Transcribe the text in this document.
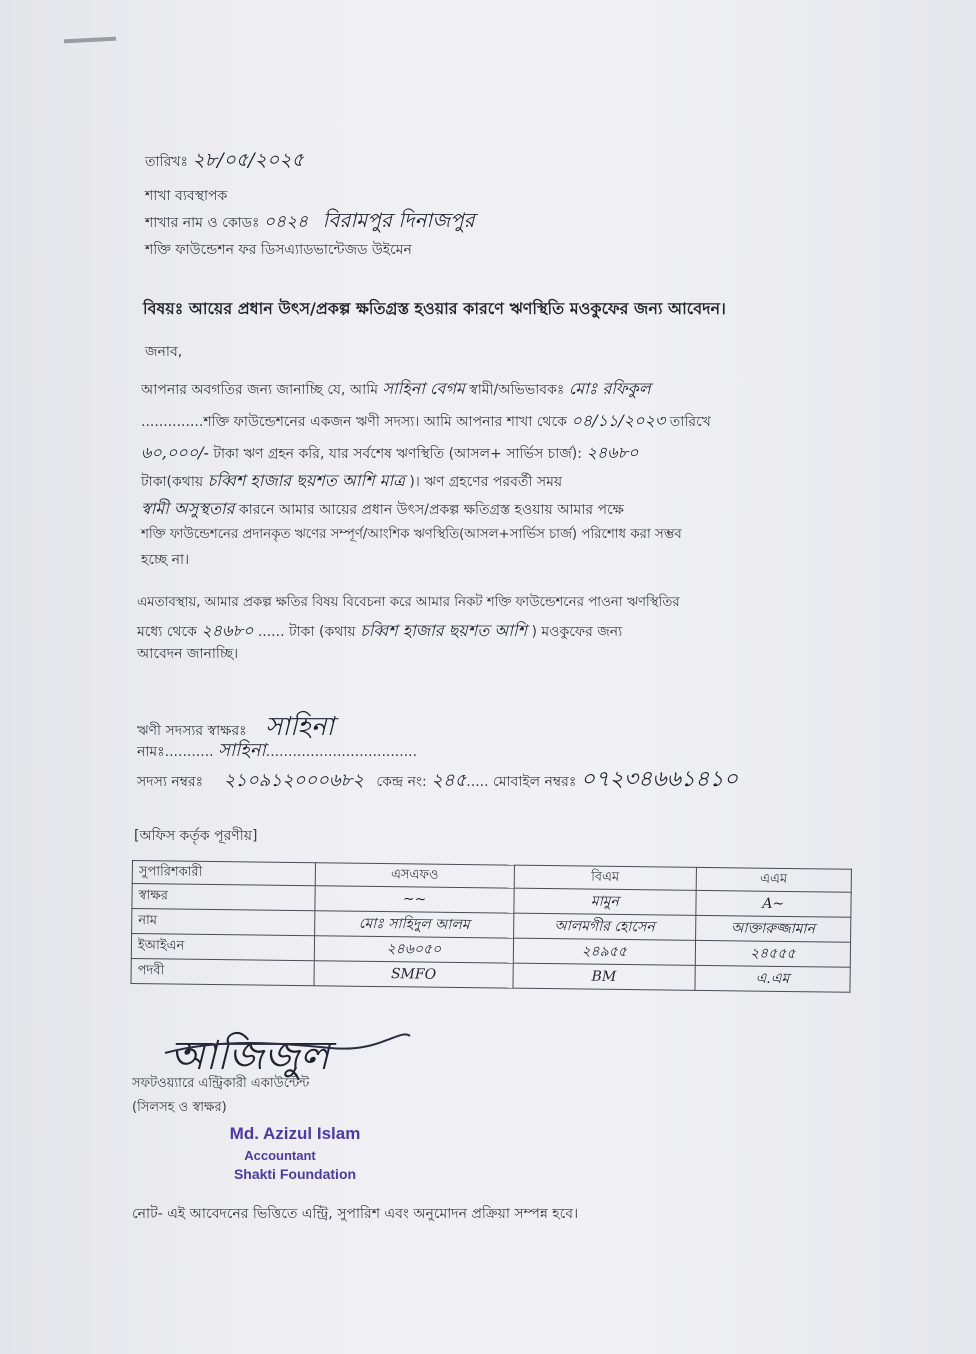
তারিখঃ ২৮/০৫/২০২৫
শাখা ব্যবস্থাপক
শাখার নাম ও কোডঃ ০৪২৪ বিরামপুর দিনাজপুর
শক্তি ফাউন্ডেশন ফর ডিসএ্যাডভান্টেজড উইমেন
বিষয়ঃ আয়ের প্রধান উৎস/প্রকল্প ক্ষতিগ্রস্ত হওয়ার কারণে ঋণস্থিতি মওকুফের জন্য আবেদন।
জনাব,
আপনার অবগতির জন্য জানাচ্ছি যে, আমি সাহিনা বেগম স্বামী/অভিভাবকঃ মোঃ রফিকুল
..............শক্তি ফাউন্ডেশনের একজন ঋণী সদস্য। আমি আপনার শাখা থেকে ০৪/১১/২০২৩ তারিখে
৬০,০০০/- টাকা ঋণ গ্রহন করি, যার সর্বশেষ ঋণস্থিতি (আসল+ সার্ভিস চার্জ): ২৪৬৮০
টাকা(কথায় চব্বিশ হাজার ছয়শত আশি মাত্র )। ঋণ গ্রহণের পরবর্তী সময়
স্বামী অসুস্থতার কারনে আমার আয়ের প্রধান উৎস/প্রকল্প ক্ষতিগ্রস্ত হওয়ায় আমার পক্ষে
শক্তি ফাউন্ডেশনের প্রদানকৃত ঋণের সম্পূর্ণ/আংশিক ঋণস্থিতি(আসল+সার্ভিস চার্জ) পরিশোধ করা সম্ভব
হচ্ছে না।
এমতাবস্থায়, আমার প্রকল্প ক্ষতির বিষয় বিবেচনা করে আমার নিকট শক্তি ফাউন্ডেশনের পাওনা ঋণস্থিতির
মধ্যে থেকে ২৪৬৮০ ...... টাকা (কথায় চব্বিশ হাজার ছয়শত আশি ) মওকুফের জন্য
আবেদন জানাচ্ছি।
ঋণী সদস্যর স্বাক্ষরঃ সাহিনা
নামঃ........... সাহিনা..................................
সদস্য নম্বরঃ ২১০৯১২০০০৬৮২ কেন্দ্র নং: ২৪৫..... মোবাইল নম্বরঃ ০৭২৩৪৬৬১৪১০
[অফিস কর্তৃক পূরণীয়]
সুপারিশকারী	এসএফও	বিএম	এএম
স্বাক্ষর	~~	মামুন	A~
নাম	মোঃ সাহিদুল আলম	আলমগীর হোসেন	আক্তারুজ্জামান
ইআইএন	২৪৬০৫০	২৪৯৫৫	২৪৫৫৫
পদবী	SMFO	BM	এ.এম
আজিজুল
সফটওয়্যারে এন্ট্রিকারী একাউন্টেন্ট
(সিলসহ ও স্বাক্ষর)
Md. Azizul Islam
Accountant
Shakti Foundation
নোট- এই আবেদনের ভিত্তিতে এন্ট্রি, সুপারিশ এবং অনুমোদন প্রক্রিয়া সম্পন্ন হবে।
